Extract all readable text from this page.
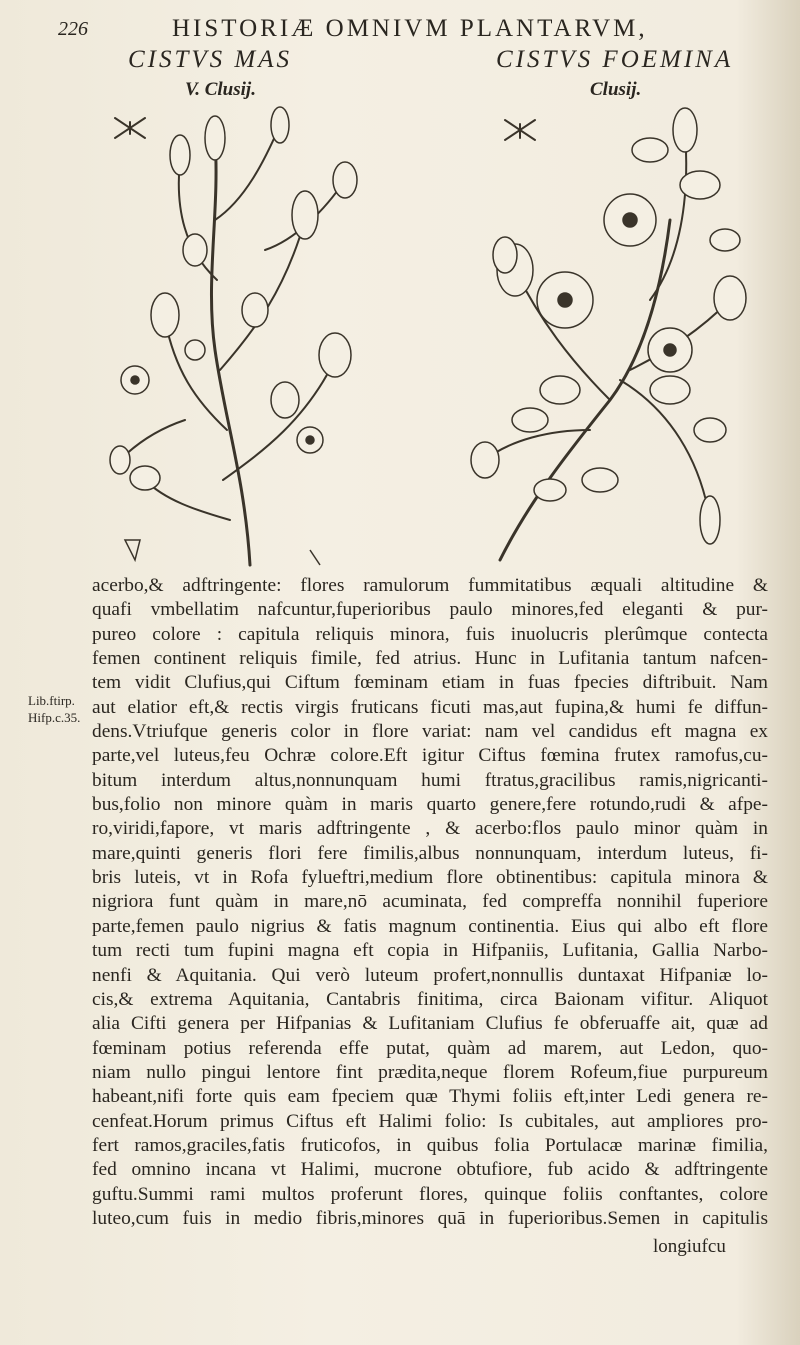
226	HISTORIÆ OMNIVM PLANTARVM,
CISTVS MAS
V. Clusij.
CISTVS FOEMINA
Clusij.
Lib.ftirp.
Hifp.c.35.
acerbo,& adftringente: flores ramulorum fummitatibus æquali altitudine &
quafi vmbellatim nafcuntur,fuperioribus paulo minores,fed eleganti & pur-
pureo colore : capitula reliquis minora, fuis inuolucris plerûmque contecta
femen continent reliquis fimile, fed atrius. Hunc in Lufitania tantum nafcen-
tem vidit Clufius,qui Ciftum fœminam etiam in fuas fpecies diftribuit. Nam
aut elatior eft,& rectis virgis fruticans ficuti mas,aut fupina,& humi fe diffun-
dens.Vtriufque generis color in flore variat: nam vel candidus eft magna ex
parte,vel luteus,feu Ochræ colore.Eft igitur Ciftus fœmina frutex ramofus,cu-
bitum interdum altus,nonnunquam humi ftratus,gracilibus ramis,nigricanti-
bus,folio non minore quàm in maris quarto genere,fere rotundo,rudi & afpe-
ro,viridi,fapore, vt maris adftringente , & acerbo:flos paulo minor quàm in
mare,quinti generis flori fere fimilis,albus nonnunquam, interdum luteus, fi-
bris luteis, vt in Rofa fylueftri,medium flore obtinentibus: capitula minora &
nigriora funt quàm in mare,nō acuminata, fed compreffa nonnihil fuperiore
parte,femen paulo nigrius & fatis magnum continentia. Eius qui albo eft flore
tum recti tum fupini magna eft copia in Hifpaniis, Lufitania, Gallia Narbo-
nenfi & Aquitania. Qui verò luteum profert,nonnullis duntaxat Hifpaniæ lo-
cis,& extrema Aquitania, Cantabris finitima, circa Baionam vifitur. Aliquot
alia Cifti genera per Hifpanias & Lufitaniam Clufius fe obferuaffe ait, quæ ad
fœminam potius referenda effe putat, quàm ad marem, aut Ledon, quo-
niam nullo pingui lentore fint prædita,neque florem Rofeum,fiue purpureum
habeant,nifi forte quis eam fpeciem quæ Thymi foliis eft,inter Ledi genera re-
cenfeat.Horum primus Ciftus eft Halimi folio: Is cubitales, aut ampliores pro-
fert ramos,graciles,fatis fruticofos, in quibus folia Portulacæ marinæ fimilia,
fed omnino incana vt Halimi, mucrone obtufiore, fub acido & adftringente
guftu.Summi rami multos proferunt flores, quinque foliis conftantes, colore
luteo,cum fuis in medio fibris,minores quā in fuperioribus.Semen in capitulis
longiufcu
